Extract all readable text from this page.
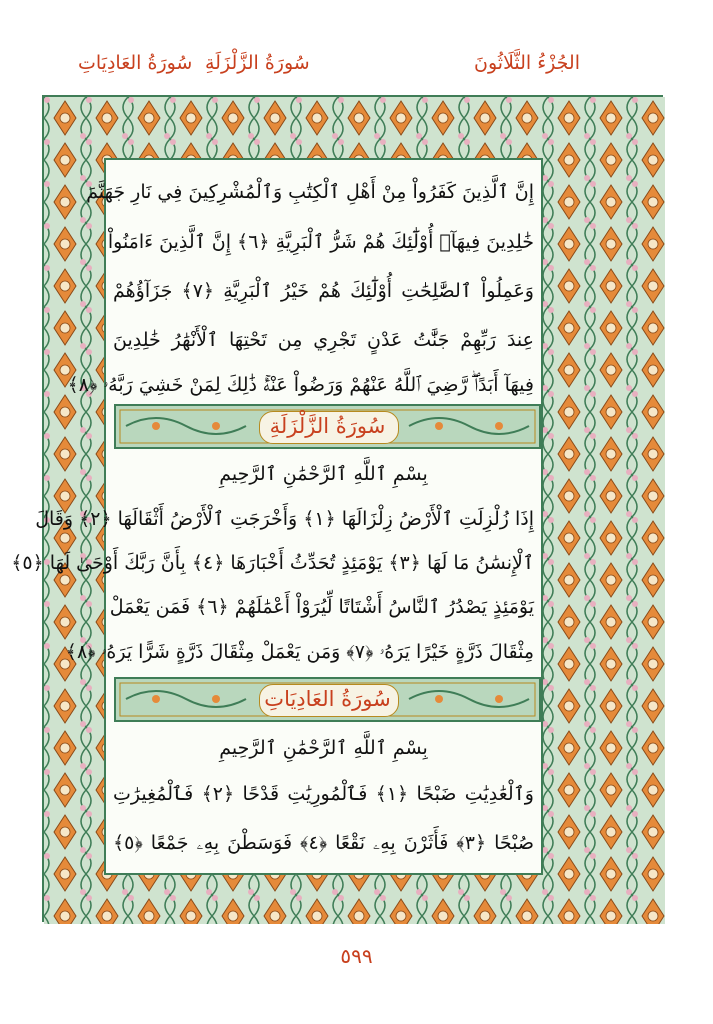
الجُزْءُ الثَّلَاثُونَ
سُورَةُ الزَّلْزَلَةِ
سُورَةُ العَادِيَاتِ
إِنَّ ٱلَّذِينَ كَفَرُواْ مِنْ أَهْلِ ٱلْكِتَٰبِ وَٱلْمُشْرِكِينَ فِي نَارِ جَهَنَّمَ
خَٰلِدِينَ فِيهَآۚ أُوْلَٰٓئِكَ هُمْ شَرُّ ٱلْبَرِيَّةِ ﴿٦﴾ إِنَّ ٱلَّذِينَ ءَامَنُواْ
وَعَمِلُواْ ٱلصَّٰلِحَٰتِ أُوْلَٰٓئِكَ هُمْ خَيْرُ ٱلْبَرِيَّةِ ﴿٧﴾ جَزَآؤُهُمْ
عِندَ رَبِّهِمْ جَنَّٰتُ عَدْنٍ تَجْرِي مِن تَحْتِهَا ٱلْأَنْهَٰرُ خَٰلِدِينَ
فِيهَآ أَبَدًاۖ رَّضِيَ ٱللَّهُ عَنْهُمْ وَرَضُواْ عَنْهُۚ ذَٰلِكَ لِمَنْ خَشِيَ رَبَّهُۥ ﴿٨﴾
سُورَةُ الزَّلْزَلَةِ
بِسْمِ ٱللَّهِ ٱلرَّحْمَٰنِ ٱلرَّحِيمِ
إِذَا زُلْزِلَتِ ٱلْأَرْضُ زِلْزَالَهَا ﴿١﴾ وَأَخْرَجَتِ ٱلْأَرْضُ أَثْقَالَهَا ﴿٢﴾ وَقَالَ
ٱلْإِنسَٰنُ مَا لَهَا ﴿٣﴾ يَوْمَئِذٍ تُحَدِّثُ أَخْبَارَهَا ﴿٤﴾ بِأَنَّ رَبَّكَ أَوْحَىٰ لَهَا ﴿٥﴾
يَوْمَئِذٍ يَصْدُرُ ٱلنَّاسُ أَشْتَاتًا لِّيُرَوْاْ أَعْمَٰلَهُمْ ﴿٦﴾ فَمَن يَعْمَلْ
مِثْقَالَ ذَرَّةٍ خَيْرًا يَرَهُۥ ﴿٧﴾ وَمَن يَعْمَلْ مِثْقَالَ ذَرَّةٍ شَرًّا يَرَهُۥ ﴿٨﴾
سُورَةُ العَادِيَاتِ
بِسْمِ ٱللَّهِ ٱلرَّحْمَٰنِ ٱلرَّحِيمِ
وَٱلْعَٰدِيَٰتِ ضَبْحًا ﴿١﴾ فَٱلْمُورِيَٰتِ قَدْحًا ﴿٢﴾ فَٱلْمُغِيرَٰتِ
صُبْحًا ﴿٣﴾ فَأَثَرْنَ بِهِۦ نَقْعًا ﴿٤﴾ فَوَسَطْنَ بِهِۦ جَمْعًا ﴿٥﴾
٥٩٩
